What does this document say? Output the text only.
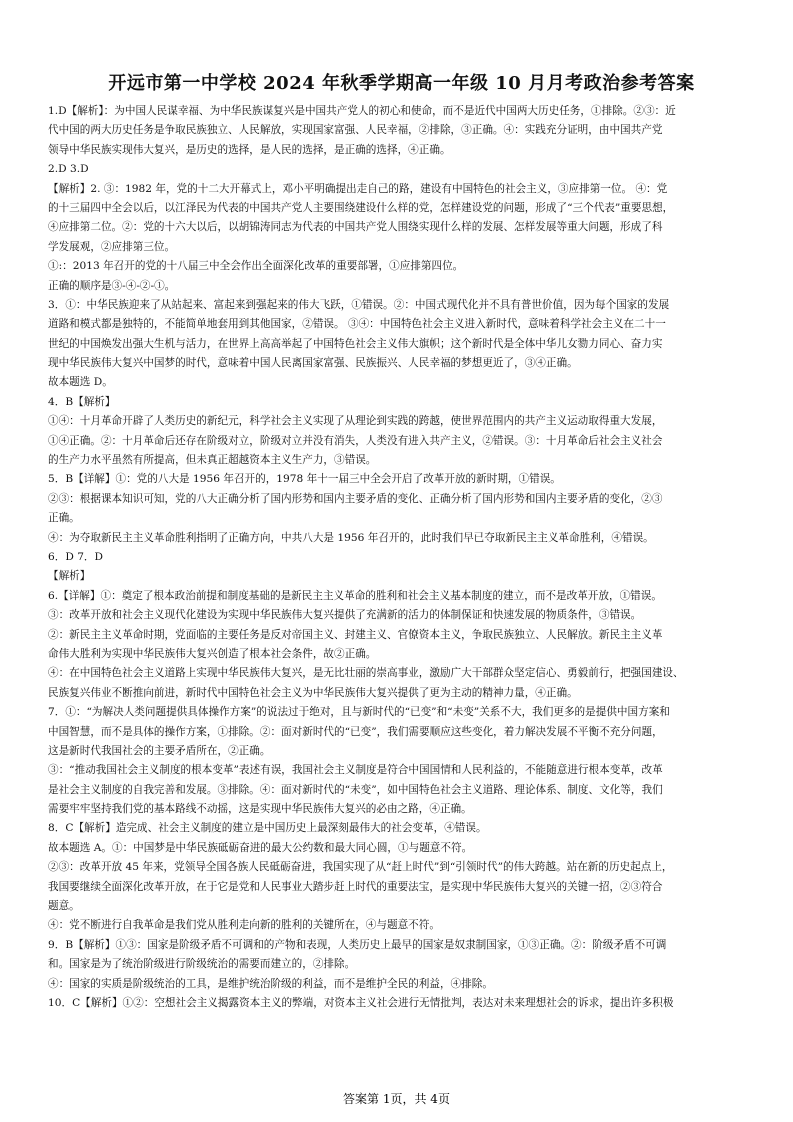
开远市第一中学校 2024 年秋季学期高一年级 10 月月考政治参考答案
1.D【解析】：为中国人民谋幸福、为中华民族谋复兴是中国共产党人的初心和使命，而不是近代中国两大历史任务，①排除。②③：近
代中国的两大历史任务是争取民族独立、人民解放，实现国家富强、人民幸福，②排除，③正确。④：实践充分证明，由中国共产党
领导中华民族实现伟大复兴，是历史的选择，是人民的选择，是正确的选择，④正确。
2.D 3.D
【解析】2. ③：1982 年，党的十二大开幕式上，邓小平明确提出走自己的路，建设有中国特色的社会主义，③应排第一位。 ④：党
的十三届四中全会以后，以江泽民为代表的中国共产党人主要围绕建设什么样的党，怎样建设党的问题，形成了“三个代表”重要思想，
④应排第二位。②：党的十六大以后，以胡锦涛同志为代表的中国共产党人围绕实现什么样的发展、怎样发展等重大问题，形成了科
学发展观，②应排第三位。
①:：2013 年召开的党的十八届三中全会作出全面深化改革的重要部署，①应排第四位。
正确的顺序是③-④-②-①。
3．①：中华民族迎来了从站起来、富起来到强起来的伟大飞跃，①错误。②：中国式现代化并不具有普世价值，因为每个国家的发展
道路和模式都是独特的，不能简单地套用到其他国家，②错误。 ③④：中国特色社会主义进入新时代，意味着科学社会主义在二十一
世纪的中国焕发出强大生机与活力，在世界上高高举起了中国特色社会主义伟大旗帜；这个新时代是全体中华儿女勠力同心、奋力实
现中华民族伟大复兴中国梦的时代，意味着中国人民离国家富强、民族振兴、人民幸福的梦想更近了，③④正确。
故本题选 D。
4．B【解析】
①④：十月革命开辟了人类历史的新纪元，科学社会主义实现了从理论到实践的跨越，使世界范围内的共产主义运动取得重大发展，
①④正确。②：十月革命后还存在阶级对立，阶级对立并没有消失，人类没有进入共产主义，②错误。③：十月革命后社会主义社会
的生产力水平虽然有所提高，但未真正超越资本主义生产力，③错误。
5．B【详解】①：党的八大是 1956 年召开的，1978 年十一届三中全会开启了改革开放的新时期，①错误。
②③：根据课本知识可知，党的八大正确分析了国内形势和国内主要矛盾的变化、正确分析了国内形势和国内主要矛盾的变化，②③
正确。
④：为夺取新民主主义革命胜利指明了正确方向，中共八大是 1956 年召开的，此时我们早已夺取新民主主义革命胜利，④错误。
6．D 7．D
【解析】
6.【详解】①：奠定了根本政治前提和制度基础的是新民主主义革命的胜利和社会主义基本制度的建立，而不是改革开放，①错误。
③：改革开放和社会主义现代化建设为实现中华民族伟大复兴提供了充满新的活力的体制保证和快速发展的物质条件，③错误。
②：新民主主义革命时期，党面临的主要任务是反对帝国主义、封建主义、官僚资本主义，争取民族独立、人民解放。新民主主义革
命伟大胜利为实现中华民族伟大复兴创造了根本社会条件，故②正确。
④：在中国特色社会主义道路上实现中华民族伟大复兴，是无比壮丽的崇高事业，激励广大干部群众坚定信心、勇毅前行，把强国建设、
民族复兴伟业不断推向前进，新时代中国特色社会主义为中华民族伟大复兴提供了更为主动的精神力量，④正确。
7．①：“为解决人类问题提供具体操作方案”的说法过于绝对，且与新时代的“已变”和“未变”关系不大，我们更多的是提供中国方案和
中国智慧，而不是具体的操作方案，①排除。②：面对新时代的“已变”，我们需要顺应这些变化，着力解决发展不平衡不充分问题，
这是新时代我国社会的主要矛盾所在，②正确。
③：“推动我国社会主义制度的根本变革”表述有误，我国社会主义制度是符合中国国情和人民利益的，不能随意进行根本变革，改革
是社会主义制度的自我完善和发展。③排除。④：面对新时代的“未变”，如中国特色社会主义道路、理论体系、制度、文化等，我们
需要牢牢坚持我们党的基本路线不动摇，这是实现中华民族伟大复兴的必由之路，④正确。
8．C【解析】造完成、社会主义制度的建立是中国历史上最深刻最伟大的社会变革，④错误。
故本题选 A。①：中国梦是中华民族砥砺奋进的最大公约数和最大同心圆，①与题意不符。
②③：改革开放 45 年来，党领导全国各族人民砥砺奋进，我国实现了从“赶上时代”到“引领时代”的伟大跨越。站在新的历史起点上，
我国要继续全面深化改革开放，在于它是党和人民事业大踏步赶上时代的重要法宝，是实现中华民族伟大复兴的关键一招，②③符合
题意。
④：党不断进行自我革命是我们党从胜利走向新的胜利的关键所在，④与题意不符。
9．B【解析】①③：国家是阶级矛盾不可调和的产物和表现，人类历史上最早的国家是奴隶制国家，①③正确。②：阶级矛盾不可调
和。国家是为了统治阶级进行阶级统治的需要而建立的，②排除。
④：国家的实质是阶级统治的工具，是维护统治阶级的利益，而不是维护全民的利益，④排除。
10．C【解析】①②：空想社会主义揭露资本主义的弊端，对资本主义社会进行无情批判，表达对未来理想社会的诉求，提出许多积极
答案第 1页，共 4页
